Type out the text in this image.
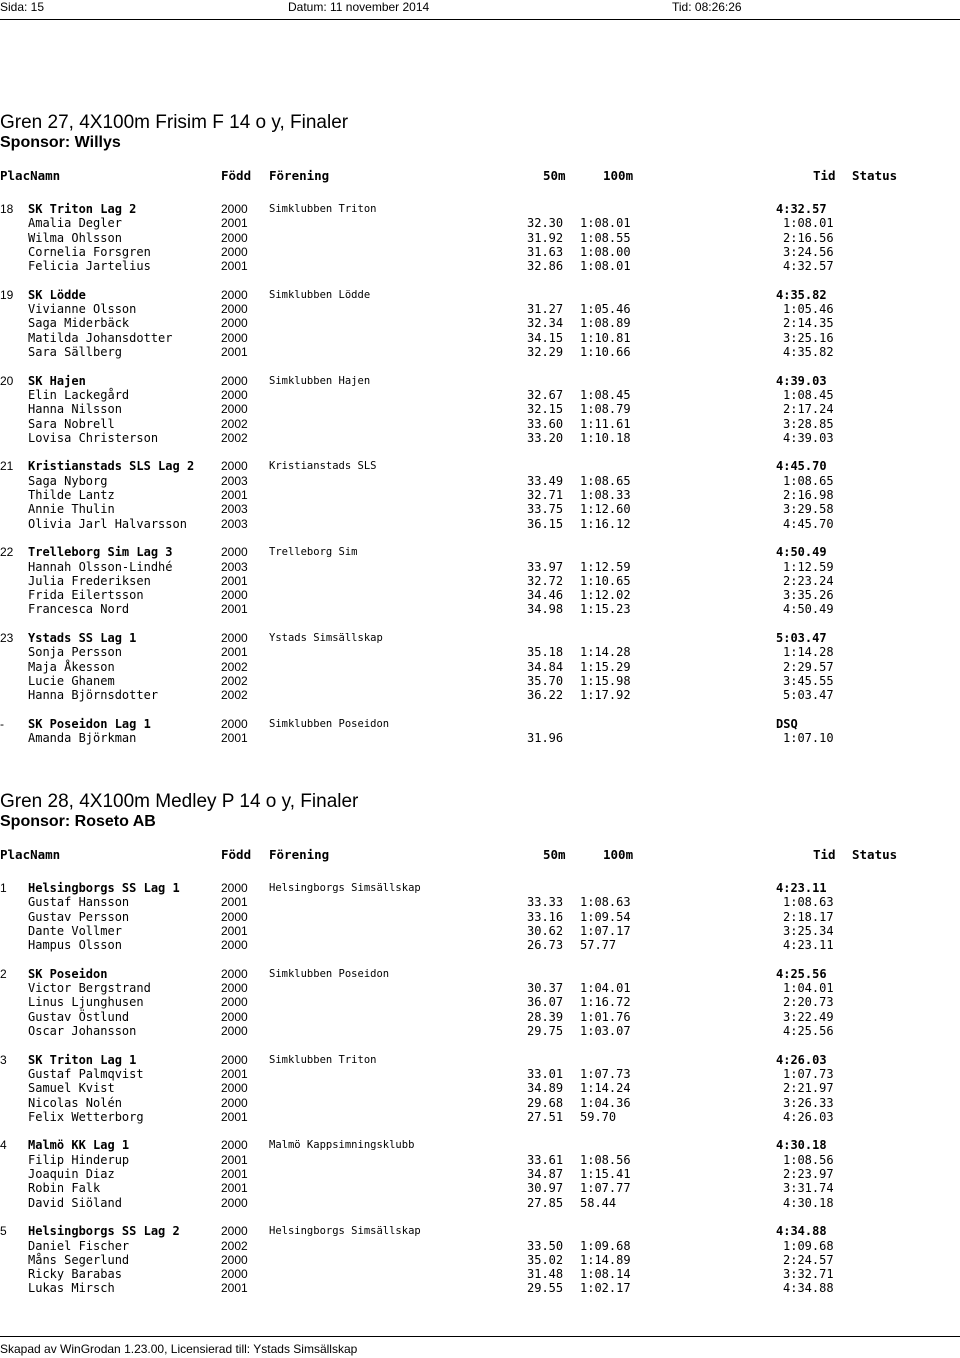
Sida: 15	Datum: 11 november 2014	Tid: 08:26:26
Gren 27, 4X100m Frisim F 14 o y, Finaler
Sponsor: Willys
PlacNamn	Född Förening	50m	100m	Tid Status
18 SK Triton Lag 2	2000 Simklubben Triton	4:32.57
Amalia Degler	2001	32.30 1:08.01	1:08.01
Wilma Ohlsson	2000	31.92 1:08.55	2:16.56
Cornelia Forsgren	2000	31.63 1:08.00	3:24.56
Felicia Jartelius	2001	32.86 1:08.01	4:32.57
19 SK Lödde	2000 Simklubben Lödde	4:35.82
Vivianne Olsson	2000	31.27 1:05.46	1:05.46
Saga Miderbäck	2000	32.34 1:08.89	2:14.35
Matilda Johansdotter	2000	34.15 1:10.81	3:25.16
Sara Sällberg	2001	32.29 1:10.66	4:35.82
20 SK Hajen	2000 Simklubben Hajen	4:39.03
Elin Lackegård	2000	32.67 1:08.45	1:08.45
Hanna Nilsson	2000	32.15 1:08.79	2:17.24
Sara Nobrell	2002	33.60 1:11.61	3:28.85
Lovisa Christerson	2002	33.20 1:10.18	4:39.03
21 Kristianstads SLS Lag 2 2000 Kristianstads SLS	4:45.70
Saga Nyborg	2003	33.49 1:08.65	1:08.65
Thilde Lantz	2001	32.71 1:08.33	2:16.98
Annie Thulin	2003	33.75 1:12.60	3:29.58
Olivia Jarl Halvarsson	2003	36.15 1:16.12	4:45.70
22 Trelleborg Sim Lag 3	2000 Trelleborg Sim	4:50.49
Hannah Olsson-Lindhé	2003	33.97 1:12.59	1:12.59
Julia Frederiksen	2001	32.72 1:10.65	2:23.24
Frida Eilertsson	2000	34.46 1:12.02	3:35.26
Francesca Nord	2001	34.98 1:15.23	4:50.49
23 Ystads SS Lag 1	2000 Ystads Simsällskap	5:03.47
Sonja Persson	2001	35.18 1:14.28	1:14.28
Maja Åkesson	2002	34.84 1:15.29	2:29.57
Lucie Ghanem	2002	35.70 1:15.98	3:45.55
Hanna Björnsdotter	2002	36.22 1:17.92	5:03.47
- SK Poseidon Lag 1	2000 Simklubben Poseidon	DSQ
Amanda Björkman	2001	31.96	1:07.10
Gren 28, 4X100m Medley P 14 o y, Finaler
Sponsor: Roseto AB
PlacNamn	Född Förening	50m	100m	Tid Status
1 Helsingborgs SS Lag 1	2000 Helsingborgs Simsällskap	4:23.11
Gustaf Hansson	2001	33.33 1:08.63	1:08.63
Gustav Persson	2000	33.16 1:09.54	2:18.17
Dante Vollmer	2001	30.62 1:07.17	3:25.34
Hampus Olsson	2000	26.73 57.77	4:23.11
2 SK Poseidon	2000 Simklubben Poseidon	4:25.56
Victor Bergstrand	2000	30.37 1:04.01	1:04.01
Linus Ljunghusen	2000	36.07 1:16.72	2:20.73
Gustav Östlund	2000	28.39 1:01.76	3:22.49
Oscar Johansson	2000	29.75 1:03.07	4:25.56
3 SK Triton Lag 1	2000 Simklubben Triton	4:26.03
Gustaf Palmqvist	2001	33.01 1:07.73	1:07.73
Samuel Kvist	2000	34.89 1:14.24	2:21.97
Nicolas Nolén	2000	29.68 1:04.36	3:26.33
Felix Wetterborg	2001	27.51 59.70	4:26.03
4 Malmö KK Lag 1	2000 Malmö Kappsimningsklubb	4:30.18
Filip Hinderup	2001	33.61 1:08.56	1:08.56
Joaquin Diaz	2001	34.87 1:15.41	2:23.97
Robin Falk	2001	30.97 1:07.77	3:31.74
David Siöland	2000	27.85 58.44	4:30.18
5 Helsingborgs SS Lag 2	2000 Helsingborgs Simsällskap	4:34.88
Daniel Fischer	2002	33.50 1:09.68	1:09.68
Måns Segerlund	2000	35.02 1:14.89	2:24.57
Ricky Barabas	2000	31.48 1:08.14	3:32.71
Lukas Mirsch	2001	29.55 1:02.17	4:34.88
Skapad av WinGrodan 1.23.00, Licensierad till: Ystads Simsällskap
